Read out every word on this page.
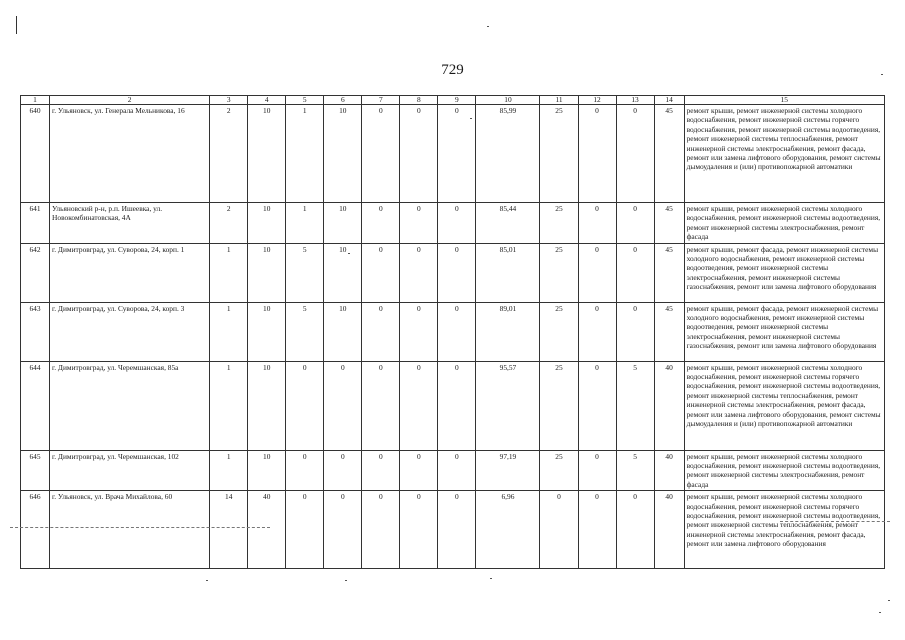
729
1	2	3	4	5	6	7	8	9	10	11	12	13	14	15
640	г. Ульяновск, ул. Генерала Мельникова, 16	2	10	1	10	0	0	0	85,99	25	0	0	45	ремонт крыши, ремонт инженерной системы холодного водоснабжения, ремонт инженерной системы горячего водоснабжения, ремонт инженерной системы водоотведения, ремонт инженерной системы теплоснабжения, ремонт инженерной системы электроснабжения, ремонт фасада, ремонт или замена лифтового оборудования, ремонт системы дымоудаления и (или) противопожарной автоматики
641	Ульяновский р-н, р.п. Ишеевка, ул. Новокомбинатовская, 4А	2	10	1	10	0	0	0	85,44	25	0	0	45	ремонт крыши, ремонт инженерной системы холодного водоснабжения, ремонт инженерной системы водоотведения, ремонт инженерной системы электроснабжения, ремонт фасада
642	г. Димитровград, ул. Суворова, 24, корп. 1	1	10	5	10	0	0	0	85,01	25	0	0	45	ремонт крыши, ремонт фасада, ремонт инженерной системы холодного водоснабжения, ремонт инженерной системы водоотведения, ремонт инженерной системы электроснабжения, ремонт инженерной системы газоснабжения, ремонт или замена лифтового оборудования
643	г. Димитровград, ул. Суворова, 24, корп. 3	1	10	5	10	0	0	0	89,01	25	0	0	45	ремонт крыши, ремонт фасада, ремонт инженерной системы холодного водоснабжения, ремонт инженерной системы водоотведения, ремонт инженерной системы электроснабжения, ремонт инженерной системы газоснабжения, ремонт или замена лифтового оборудования
644	г. Димитровград, ул. Черемшанская, 85а	1	10	0	0	0	0	0	95,57	25	0	5	40	ремонт крыши, ремонт инженерной системы холодного водоснабжения, ремонт инженерной системы горячего водоснабжения, ремонт инженерной системы водоотведения, ремонт инженерной системы теплоснабжения, ремонт инженерной системы электроснабжения, ремонт фасада, ремонт или замена лифтового оборудования, ремонт системы дымоудаления и (или) противопожарной автоматики
645	г. Димитровград, ул. Черемшанская, 102	1	10	0	0	0	0	0	97,19	25	0	5	40	ремонт крыши, ремонт инженерной системы холодного водоснабжения, ремонт инженерной системы водоотведения, ремонт инженерной системы электроснабжения, ремонт фасада
646	г. Ульяновск, ул. Врача Михайлова, 60	14	40	0	0	0	0	0	6,96	0	0	0	40	ремонт крыши, ремонт инженерной системы холодного водоснабжения, ремонт инженерной системы горячего водоснабжения, ремонт инженерной системы водоотведения, ремонт инженерной системы теплоснабжения, ремонт инженерной системы электроснабжения, ремонт фасада, ремонт или замена лифтового оборудования
